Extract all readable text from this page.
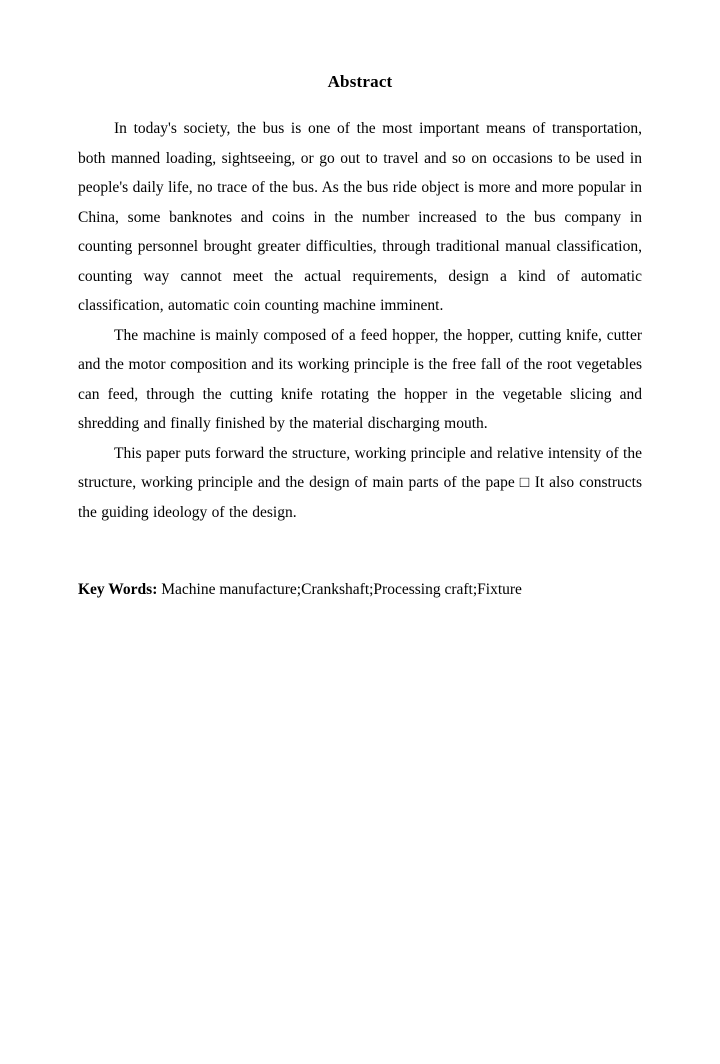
Abstract

In today's society, the bus is one of the most important means of transportation, both manned loading, sightseeing, or go out to travel and so on occasions to be used in people's daily life, no trace of the bus. As the bus ride object is more and more popular in China, some banknotes and coins in the number increased to the bus company in counting personnel brought greater difficulties, through traditional manual classification, counting way cannot meet the actual requirements, design a kind of automatic classification, automatic coin counting machine imminent.

The machine is mainly composed of a feed hopper, the hopper, cutting knife, cutter and the motor composition and its working principle is the free fall of the root vegetables can feed, through the cutting knife rotating the hopper in the vegetable slicing and shredding and finally finished by the material discharging mouth.

This paper puts forward the structure, working principle and relative intensity of the structure, working principle and the design of main parts of the pape □ It also constructs the guiding ideology of the design.

Key Words: Machine manufacture;Crankshaft;Processing craft;Fixture
